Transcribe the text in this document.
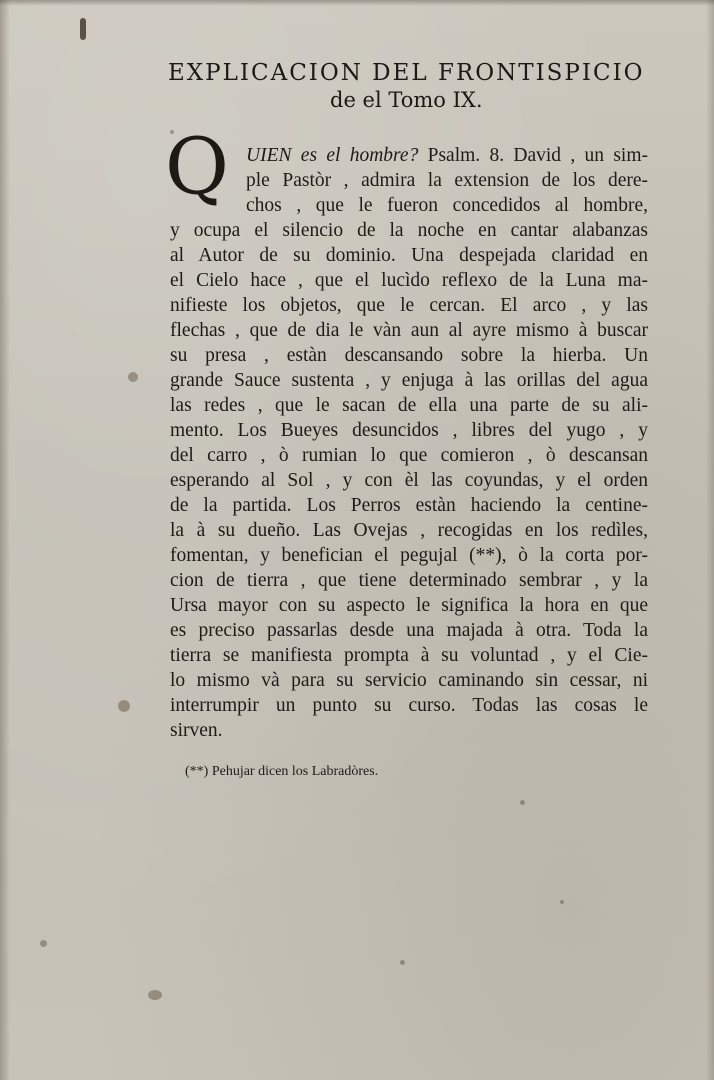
EXPLICACION DEL FRONTISPICIO
de el Tomo IX.
Q UIEN es el hombre? Psalm. 8. David , un sim-
ple Pastòr , admira la extension de los dere-
chos , que le fueron concedidos al hombre,
y ocupa el silencio de la noche en cantar alabanzas
al Autor de su dominio. Una despejada claridad en
el Cielo hace , que el lucìdo reflexo de la Luna ma-
nifieste los objetos, que le cercan. El arco , y las
flechas , que de dia le vàn aun al ayre mismo à buscar
su presa , estàn descansando sobre la hierba. Un
grande Sauce sustenta , y enjuga à las orillas del agua
las redes , que le sacan de ella una parte de su ali-
mento. Los Bueyes desuncidos , libres del yugo , y
del carro , ò rumian lo que comieron , ò descansan
esperando al Sol , y con èl las coyundas, y el orden
de la partida. Los Perros estàn haciendo la centine-
la à su dueño. Las Ovejas , recogidas en los redìles,
fomentan, y benefician el pegujal (**), ò la corta por-
cion de tierra , que tiene determinado sembrar , y la
Ursa mayor con su aspecto le significa la hora en que
es preciso passarlas desde una majada à otra. Toda la
tierra se manifiesta prompta à su voluntad , y el Cie-
lo mismo và para su servicio caminando sin cessar, ni
interrumpir un punto su curso. Todas las cosas le
sirven.
(**) Pehujar dicen los Labradòres.
